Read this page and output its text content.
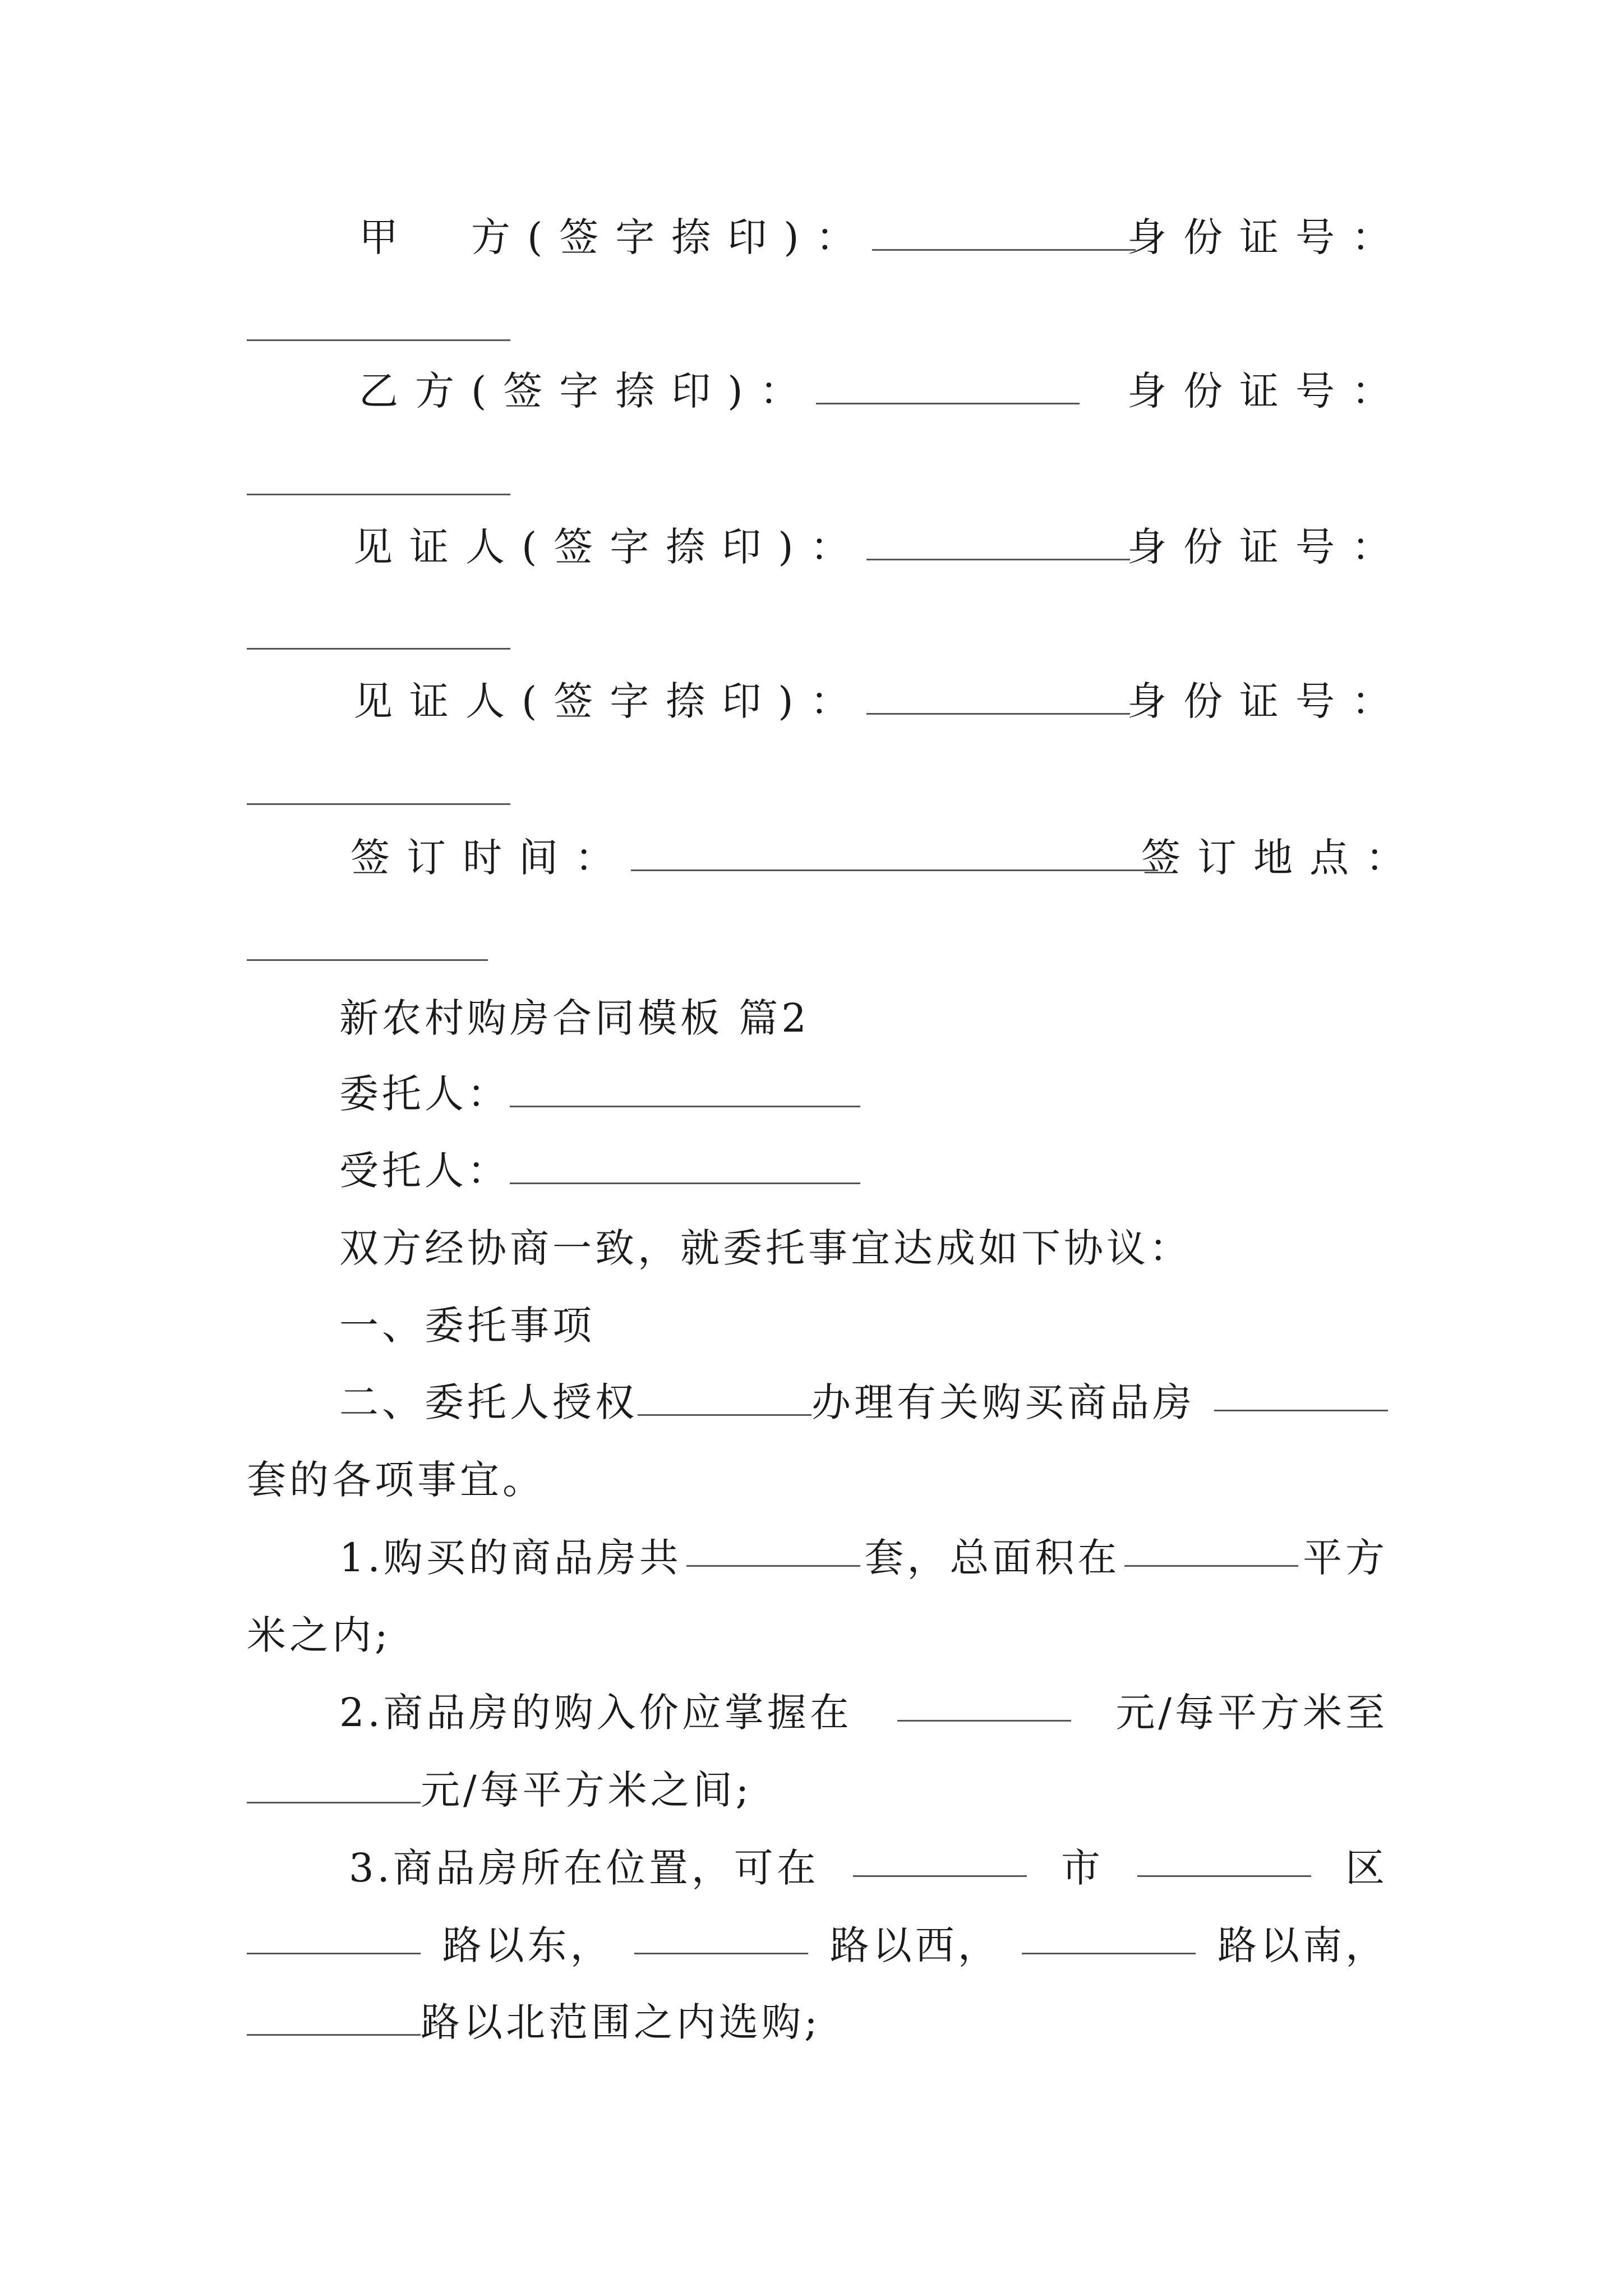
甲　方(签字捺印)：	身份证号：
乙方(签字捺印)：	身份证号：
见证人(签字捺印)：	身份证号：
见证人(签字捺印)：	身份证号：
签订时间：	签订地点：
新农村购房合同模板 篇2
委托人：
受托人：
双方经协商一致，就委托事宜达成如下协议：
一、委托事项
二、委托人授权	办理有关购买商品房
套的各项事宜。
1.购买的商品房共	套，总面积在	平方
米之内;
2.商品房的购入价应掌握在	元/每平方米至
元/每平方米之间;
3.商品房所在位置，可在	市	区
路以东，	路以西，	路以南，
路以北范围之内选购;
